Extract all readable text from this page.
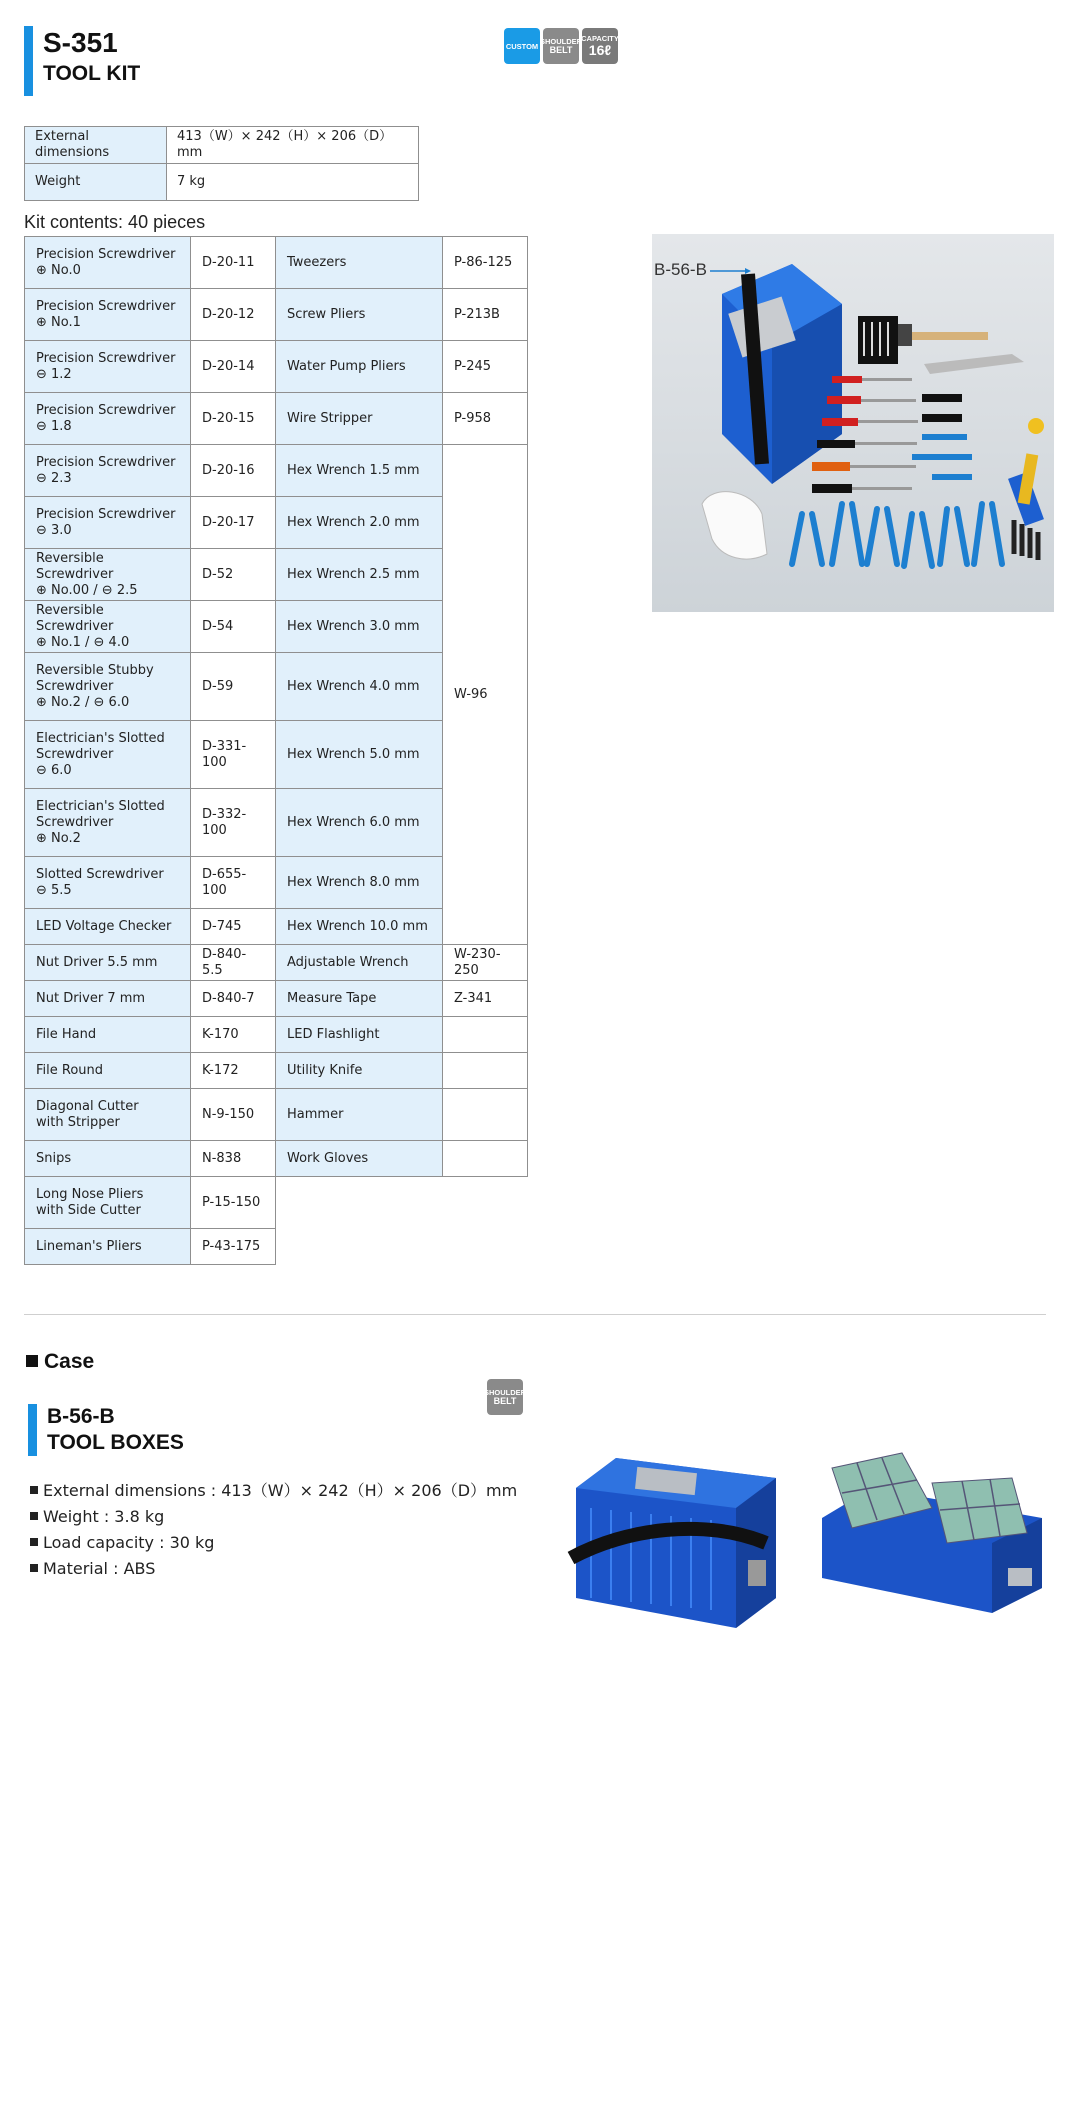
S-351
TOOL KIT
CUSTOM SHOULDER
BELT
CAPACITY
16ℓ
External dimensions	413（W）× 242（H）× 206（D）mm
Weight	7 kg
Kit contents: 40 pieces
Precision Screwdriver
⊕ No.0	D-20-11	Tweezers	P-86-125

Precision Screwdriver
⊕ No.1	D-20-12	Screw Pliers	P-213B

Precision Screwdriver
⊖ 1.2	D-20-14	Water Pump Pliers	P-245

Precision Screwdriver
⊖ 1.8	D-20-15	Wire Stripper	P-958

Precision Screwdriver
⊖ 2.3	D-20-16	Hex Wrench 1.5 mm	W-96

Precision Screwdriver
⊖ 3.0	D-20-17	Hex Wrench 2.0 mm	

Reversible Screwdriver
⊕ No.00 / ⊖ 2.5	D-52	Hex Wrench 2.5 mm	

Reversible Screwdriver
⊕ No.1 / ⊖ 4.0	D-54	Hex Wrench 3.0 mm	

Reversible Stubby
Screwdriver
⊕ No.2 / ⊖ 6.0	D-59	Hex Wrench 4.0 mm	

Electrician's Slotted
Screwdriver
⊖ 6.0	D-331-100	Hex Wrench 5.0 mm	

Electrician's Slotted
Screwdriver
⊕ No.2	D-332-100	Hex Wrench 6.0 mm	

Slotted Screwdriver
⊖ 5.5	D-655-100	Hex Wrench 8.0 mm	

LED Voltage Checker	D-745	Hex Wrench 10.0 mm	

Nut Driver 5.5 mm	D-840-5.5	Adjustable Wrench	W-230-250

Nut Driver 7 mm	D-840-7	Measure Tape	Z-341

File Hand	K-170	LED Flashlight	

File Round	K-172	Utility Knife	

Diagonal Cutter
with Stripper	N-9-150	Hammer	

Snips	N-838	Work Gloves	

Long Nose Pliers
with Side Cutter	P-15-150		

Lineman's Pliers	P-43-175		
B-56-B
Case
SHOULDER
BELT
B-56-B
TOOL BOXES
External dimensions : 413（W）× 242（H）× 206（D）mm
Weight : 3.8 kg
Load capacity : 30 kg
Material : ABS
